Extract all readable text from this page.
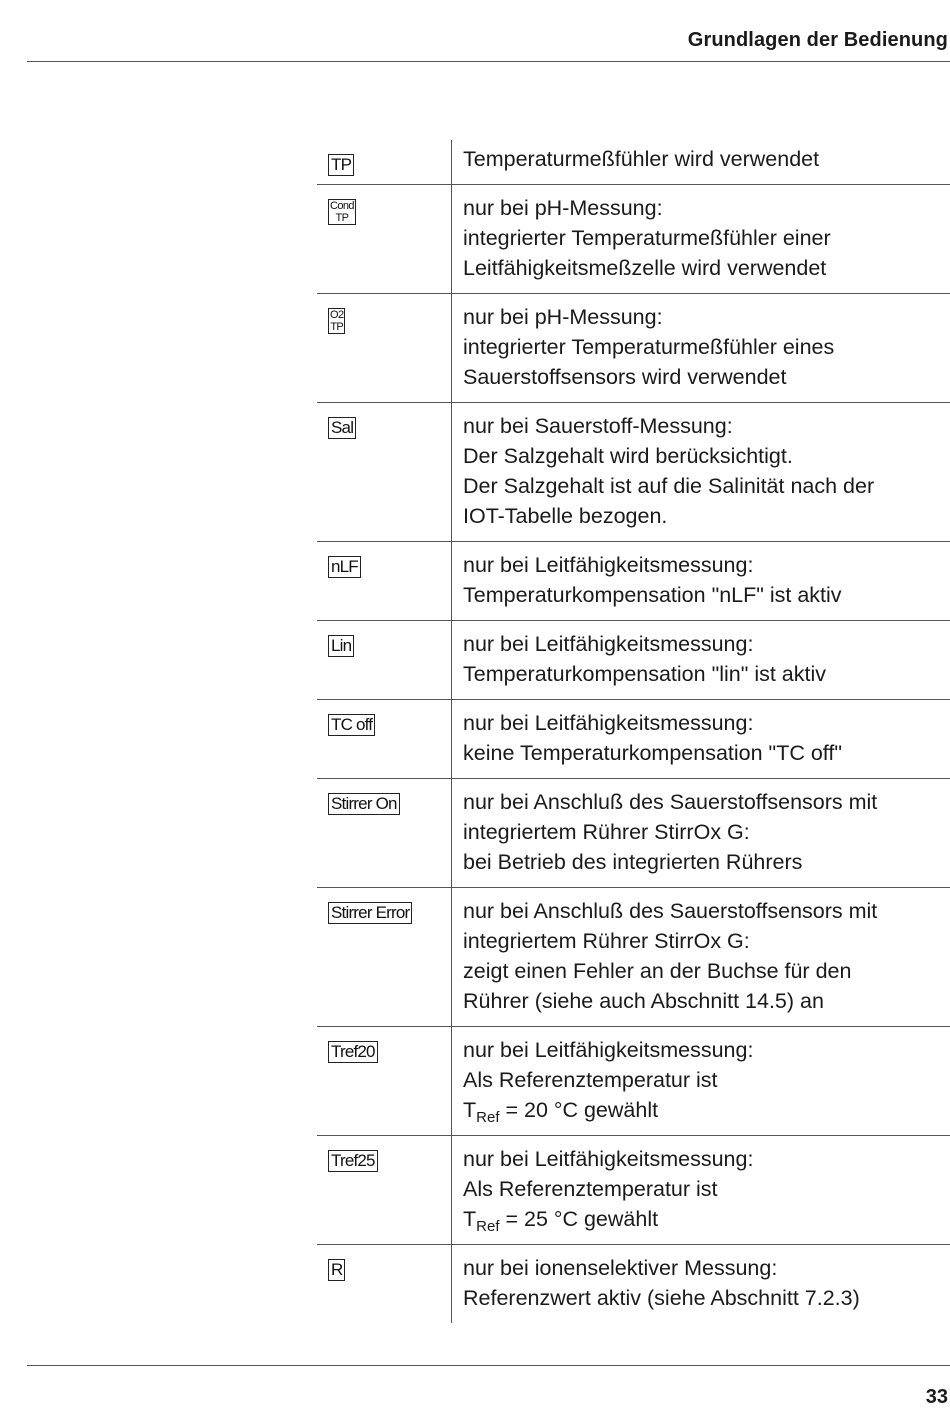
Grundlagen der Bedienung
TP	Temperaturmeßfühler wird verwendet
Cond
TP	nur bei pH-Messung:
integrierter Temperaturmeßfühler einer
Leitfähigkeitsmeßzelle wird verwendet
O2
TP	nur bei pH-Messung:
integrierter Temperaturmeßfühler eines
Sauerstoffsensors wird verwendet
Sal	nur bei Sauerstoff-Messung:
Der Salzgehalt wird berücksichtigt.
Der Salzgehalt ist auf die Salinität nach der
IOT-Tabelle bezogen.
nLF	nur bei Leitfähigkeitsmessung:
Temperaturkompensation "nLF" ist aktiv
Lin	nur bei Leitfähigkeitsmessung:
Temperaturkompensation "lin" ist aktiv
TC off	nur bei Leitfähigkeitsmessung:
keine Temperaturkompensation "TC off"
Stirrer On	nur bei Anschluß des Sauerstoffsensors mit
integriertem Rührer StirrOx G:
bei Betrieb des integrierten Rührers
Stirrer Error	nur bei Anschluß des Sauerstoffsensors mit
integriertem Rührer StirrOx G:
zeigt einen Fehler an der Buchse für den
Rührer (siehe auch Abschnitt 14.5) an
Tref20	nur bei Leitfähigkeitsmessung:
Als Referenztemperatur ist
$T_{Ref} = 20$ °C gewählt
Tref25	nur bei Leitfähigkeitsmessung:
Als Referenztemperatur ist
$T_{Ref} = 25$ °C gewählt
R	nur bei ionenselektiver Messung:
Referenzwert aktiv (siehe Abschnitt 7.2.3)
33
